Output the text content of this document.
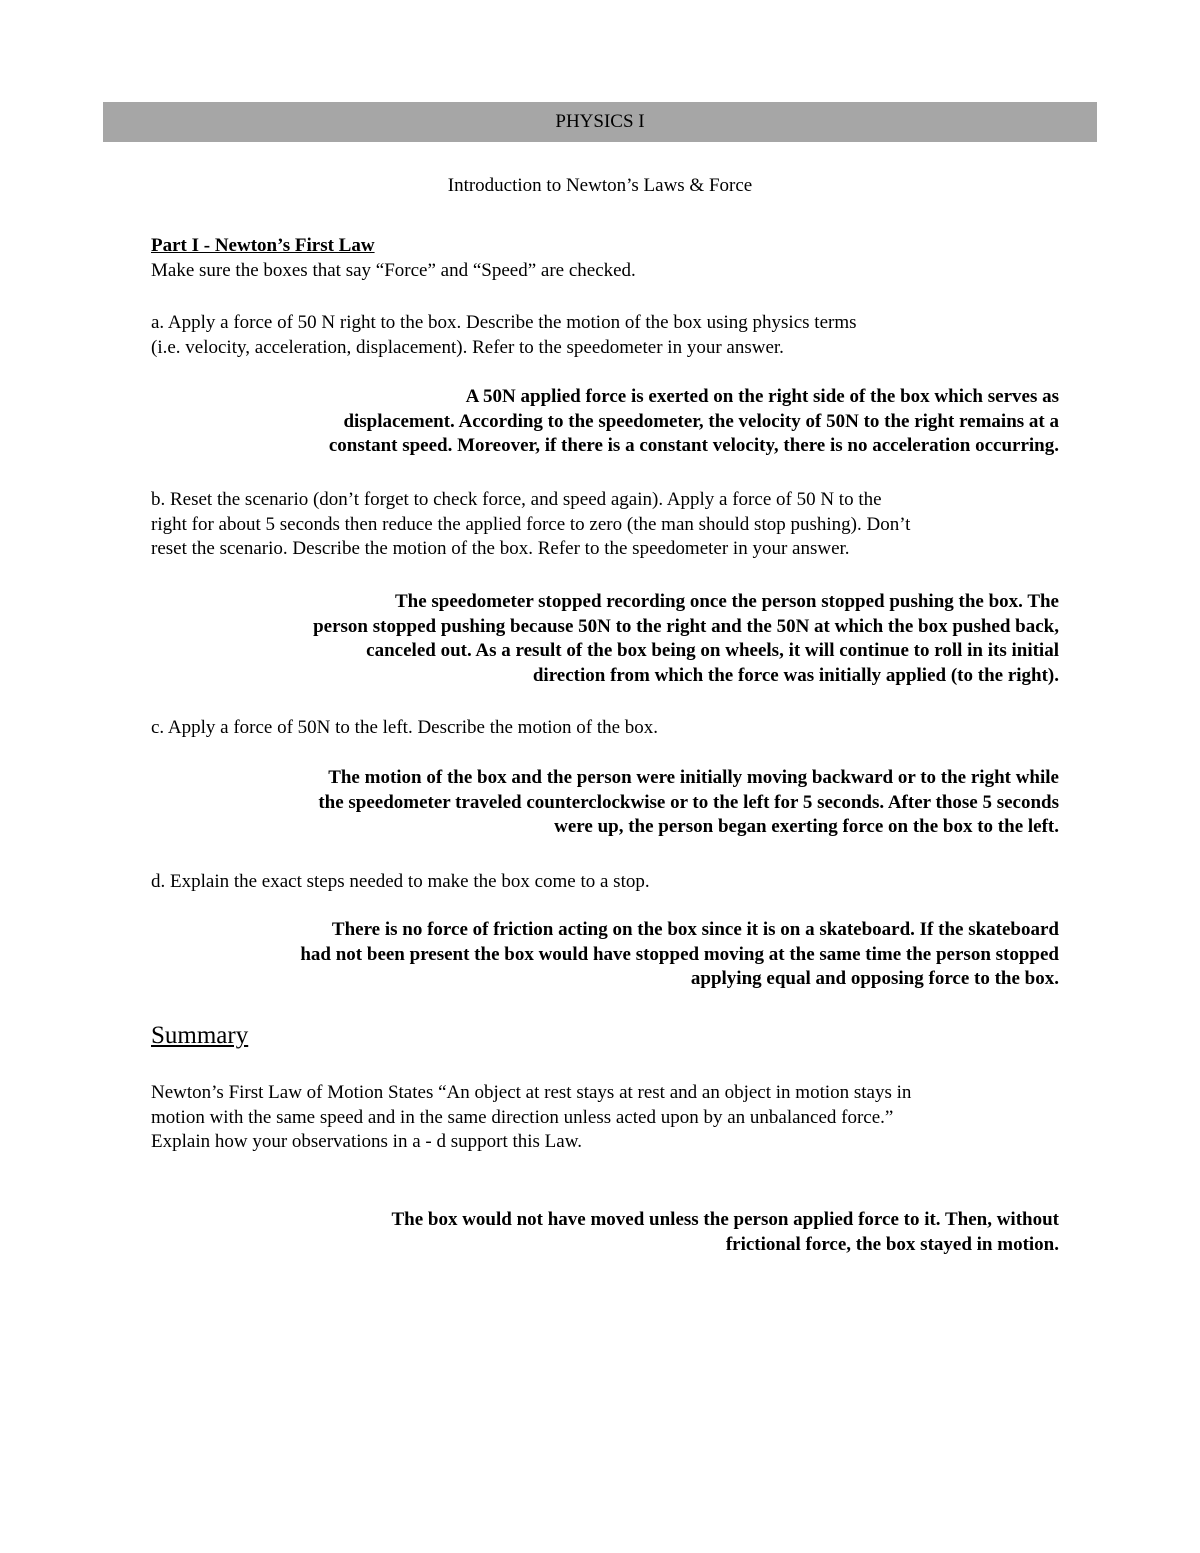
PHYSICS I
Introduction to Newton’s Laws & Force
Part I - Newton’s First Law
Make sure the boxes that say “Force” and “Speed” are checked.
a. Apply a force of 50 N right to the box. Describe the motion of the box using physics terms
(i.e. velocity, acceleration, displacement). Refer to the speedometer in your answer.
A 50N applied force is exerted on the right side of the box which serves as
displacement. According to the speedometer, the velocity of 50N to the right remains at a
constant speed. Moreover, if there is a constant velocity, there is no acceleration occurring.
b. Reset the scenario (don’t forget to check force, and speed again). Apply a force of 50 N to the
right for about 5 seconds then reduce the applied force to zero (the man should stop pushing). Don’t
reset the scenario. Describe the motion of the box. Refer to the speedometer in your answer.
The speedometer stopped recording once the person stopped pushing the box. The
person stopped pushing because 50N to the right and the 50N at which the box pushed back,
canceled out. As a result of the box being on wheels, it will continue to roll in its initial
direction from which the force was initially applied (to the right).
c. Apply a force of 50N to the left. Describe the motion of the box.
The motion of the box and the person were initially moving backward or to the right while
the speedometer traveled counterclockwise or to the left for 5 seconds. After those 5 seconds
were up, the person began exerting force on the box to the left.
d. Explain the exact steps needed to make the box come to a stop.
There is no force of friction acting on the box since it is on a skateboard. If the skateboard
had not been present the box would have stopped moving at the same time the person stopped
applying equal and opposing force to the box.
Summary
Newton’s First Law of Motion States “An object at rest stays at rest and an object in motion stays in
motion with the same speed and in the same direction unless acted upon by an unbalanced force.”
Explain how your observations in a - d support this Law.
The box would not have moved unless the person applied force to it. Then, without
frictional force, the box stayed in motion.
